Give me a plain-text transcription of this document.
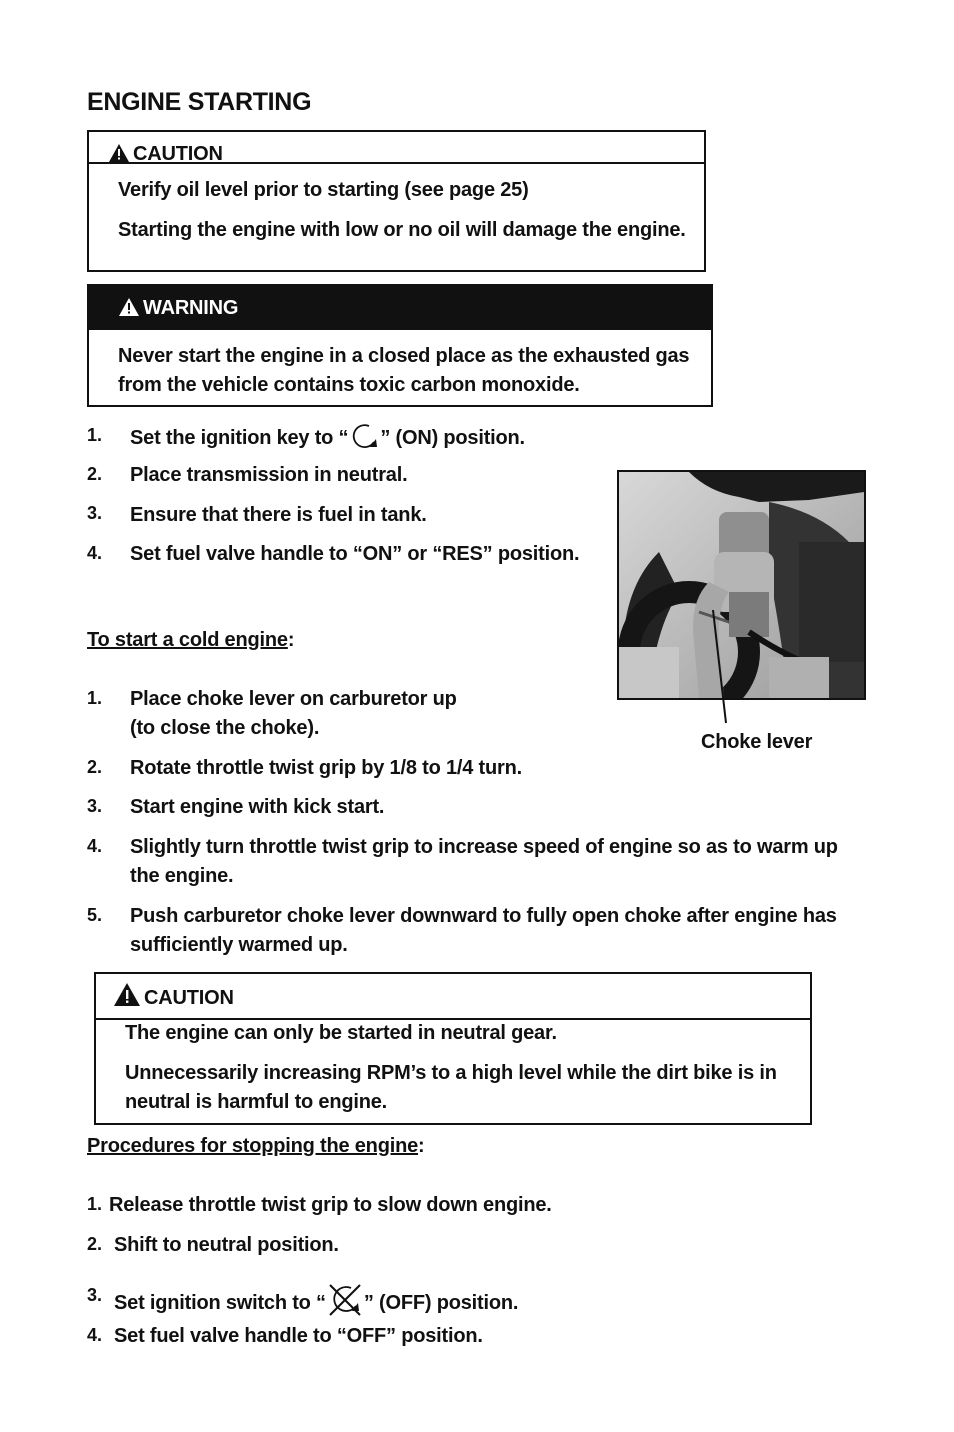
ENGINE STARTING
CAUTION
Verify oil level prior to starting (see page 25)
Starting the engine with low or no oil will damage the engine.
WARNING
Never start the engine in a closed place as the exhausted gas
from the vehicle contains toxic carbon monoxide.
1. Set the ignition key to “ ” (ON) position.
2. Place transmission in neutral.
3. Ensure that there is fuel in tank.
4. Set fuel valve handle to “ON” or “RES” position.
Choke lever
To start a cold engine:
1. Place choke lever on carburetor up
(to close the choke).
2. Rotate throttle twist grip by 1/8 to 1/4 turn.
3. Start engine with kick start.
4. Slightly turn throttle twist grip to increase speed of engine so as to warm up
the engine.
5. Push carburetor choke lever downward to fully open choke after engine has
sufficiently warmed up.
CAUTION
The engine can only be started in neutral gear.
Unnecessarily increasing RPM’s to a high level while the dirt bike is in
neutral is harmful to engine.
Procedures for stopping the engine:
1. Release throttle twist grip to slow down engine.
2. Shift to neutral position.
3. Set ignition switch to “ ” (OFF) position.
4. Set fuel valve handle to “OFF” position.
